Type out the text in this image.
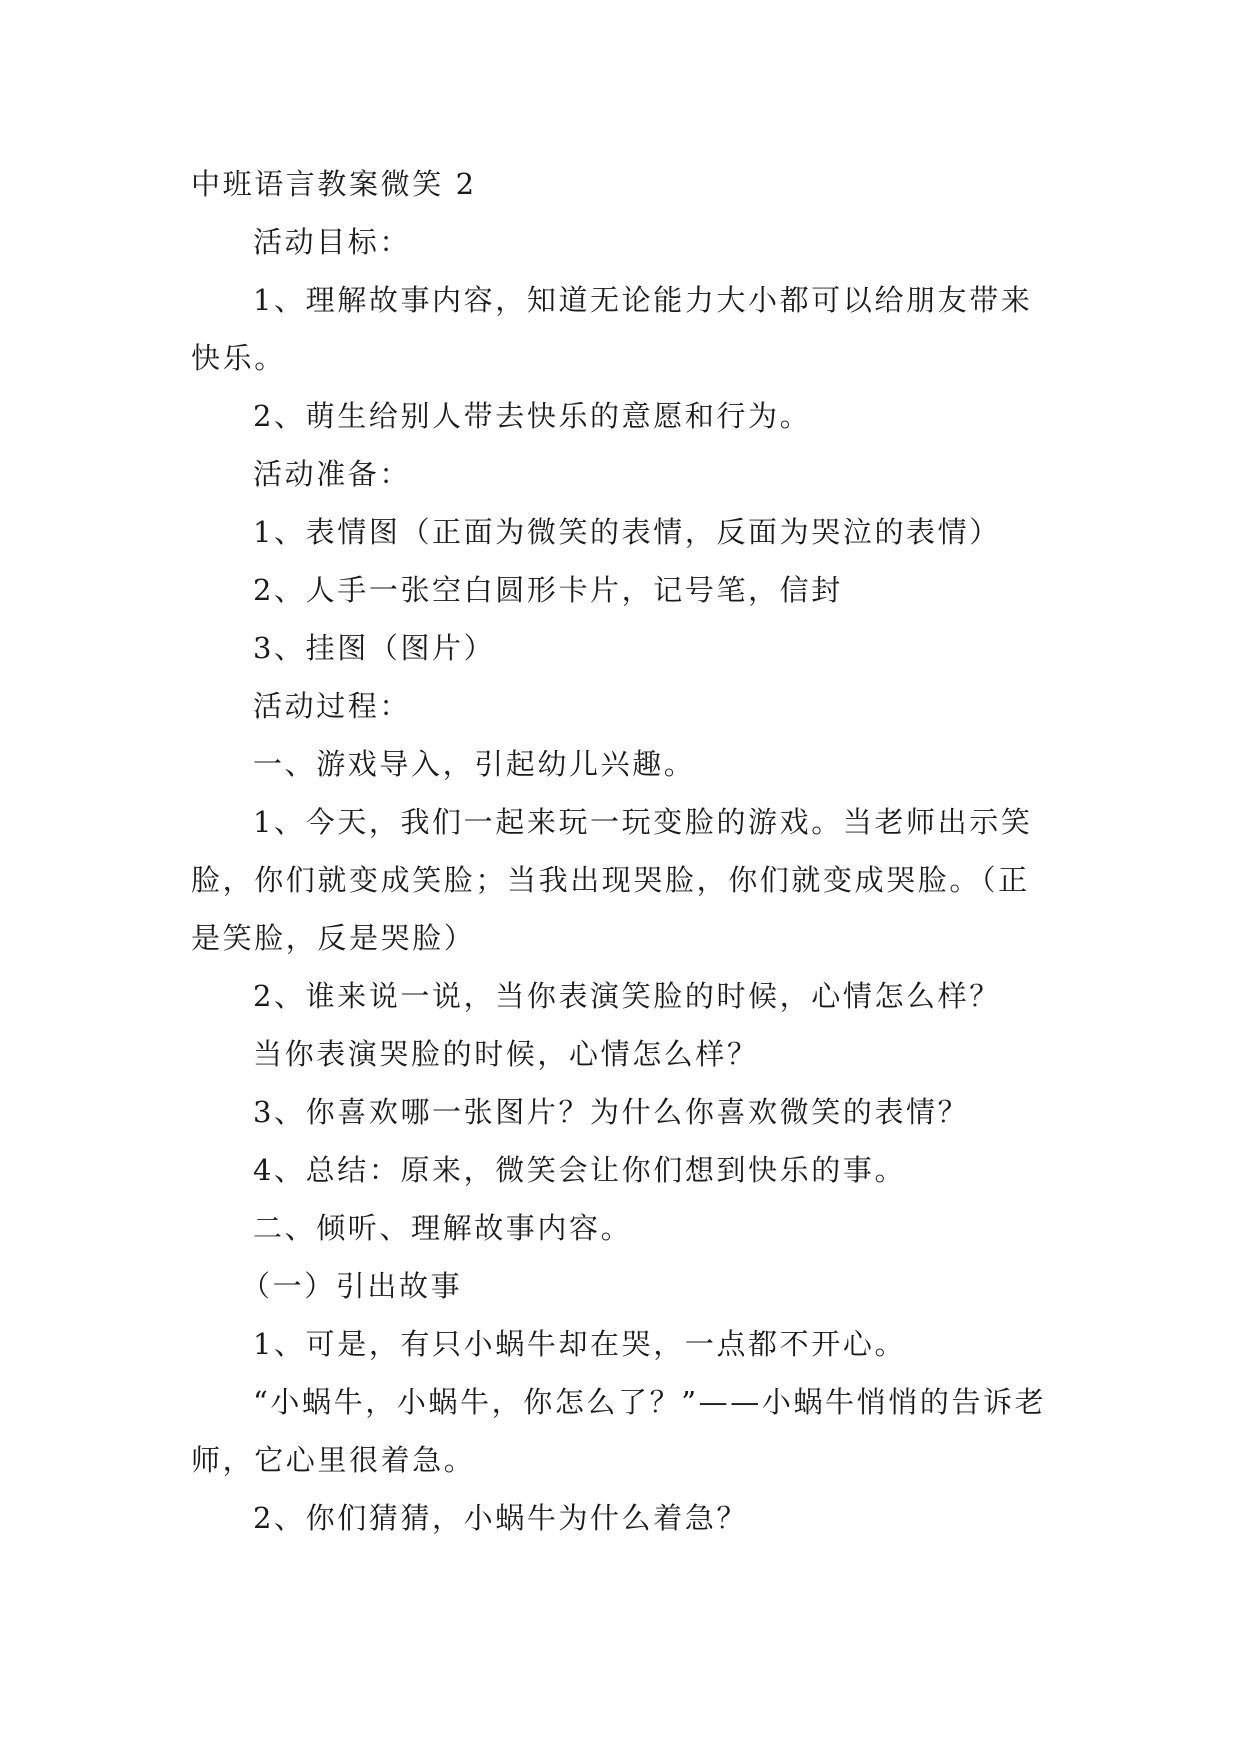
中班语言教案微笑 2

活动目标：

1、理解故事内容，知道无论能力大小都可以给朋友带来快乐。

2、萌生给别人带去快乐的意愿和行为。

活动准备：

1、表情图（正面为微笑的表情，反面为哭泣的表情）

2、人手一张空白圆形卡片，记号笔，信封

3、挂图（图片）

活动过程：

一、游戏导入，引起幼儿兴趣。

1、今天，我们一起来玩一玩变脸的游戏。当老师出示笑脸，你们就变成笑脸；当我出现哭脸，你们就变成哭脸。（正是笑脸，反是哭脸）

2、谁来说一说，当你表演笑脸的时候，心情怎么样？

当你表演哭脸的时候，心情怎么样？

3、你喜欢哪一张图片？为什么你喜欢微笑的表情？

4、总结：原来，微笑会让你们想到快乐的事。

二、倾听、理解故事内容。

（一）引出故事

1、可是，有只小蜗牛却在哭，一点都不开心。

“小蜗牛，小蜗牛，你怎么了？”——小蜗牛悄悄的告诉老师，它心里很着急。

2、你们猜猜，小蜗牛为什么着急？
